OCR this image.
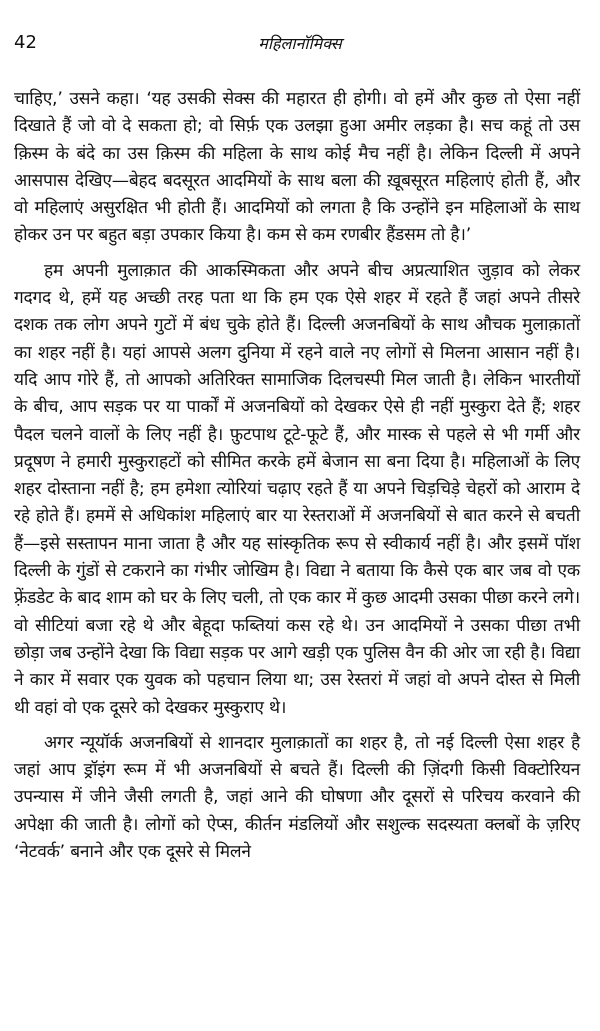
42	महिलानॉमिक्स

चाहिए,’ उसने कहा। ‘यह उसकी सेक्स की महारत ही होगी। वो हमें और कुछ तो ऐसा नहीं दिखाते हैं जो वो दे सकता हो; वो सिर्फ़ एक उलझा हुआ अमीर लड़का है। सच कहूं तो उस क़िस्म के बंदे का उस क़िस्म की महिला के साथ कोई मैच नहीं है। लेकिन दिल्ली में अपने आसपास देखिए—बेहद बदसूरत आदमियों के साथ बला की ख़ूबसूरत महिलाएं होती हैं, और वो महिलाएं असुरक्षित भी होती हैं। आदमियों को लगता है कि उन्होंने इन महिलाओं के साथ होकर उन पर बहुत बड़ा उपकार किया है। कम से कम रणबीर हैंडसम तो है।’

हम अपनी मुलाक़ात की आकस्मिकता और अपने बीच अप्रत्याशित जुड़ाव को लेकर गदगद थे, हमें यह अच्छी तरह पता था कि हम एक ऐसे शहर में रहते हैं जहां अपने तीसरे दशक तक लोग अपने गुटों में बंध चुके होते हैं। दिल्ली अजनबियों के साथ औचक मुलाक़ातों का शहर नहीं है। यहां आपसे अलग दुनिया में रहने वाले नए लोगों से मिलना आसान नहीं है। यदि आप गोरे हैं, तो आपको अतिरिक्त सामाजिक दिलचस्पी मिल जाती है। लेकिन भारतीयों के बीच, आप सड़क पर या पार्कों में अजनबियों को देखकर ऐसे ही नहीं मुस्कुरा देते हैं; शहर पैदल चलने वालों के लिए नहीं है। फ़ुटपाथ टूटे-फूटे हैं, और मास्क से पहले से भी गर्मी और प्रदूषण ने हमारी मुस्कुराहटों को सीमित करके हमें बेजान सा बना दिया है। महिलाओं के लिए शहर दोस्ताना नहीं है; हम हमेशा त्योरियां चढ़ाए रहते हैं या अपने चिड़चिड़े चेहरों को आराम दे रहे होते हैं। हममें से अधिकांश महिलाएं बार या रेस्तराओं में अजनबियों से बात करने से बचती हैं—इसे सस्तापन माना जाता है और यह सांस्कृतिक रूप से स्वीकार्य नहीं है। और इसमें पॉश दिल्ली के गुंडों से टकराने का गंभीर जोखिम है। विद्या ने बताया कि कैसे एक बार जब वो एक फ़्रेंडडेट के बाद शाम को घर के लिए चली, तो एक कार में कुछ आदमी उसका पीछा करने लगे। वो सीटियां बजा रहे थे और बेहूदा फब्तियां कस रहे थे। उन आदमियों ने उसका पीछा तभी छोड़ा जब उन्होंने देखा कि विद्या सड़क पर आगे खड़ी एक पुलिस वैन की ओर जा रही है। विद्या ने कार में सवार एक युवक को पहचान लिया था; उस रेस्तरां में जहां वो अपने दोस्त से मिली थी वहां वो एक दूसरे को देखकर मुस्कुराए थे।

अगर न्यूयॉर्क अजनबियों से शानदार मुलाक़ातों का शहर है, तो नई दिल्ली ऐसा शहर है जहां आप ड्रॉइंग रूम में भी अजनबियों से बचते हैं। दिल्ली की ज़िंदगी किसी विक्टोरियन उपन्यास में जीने जैसी लगती है, जहां आने की घोषणा और दूसरों से परिचय करवाने की अपेक्षा की जाती है। लोगों को ऐप्स, कीर्तन मंडलियों और सशुल्क सदस्यता क्लबों के ज़रिए ‘नेटवर्क’ बनाने और एक दूसरे से मिलने
